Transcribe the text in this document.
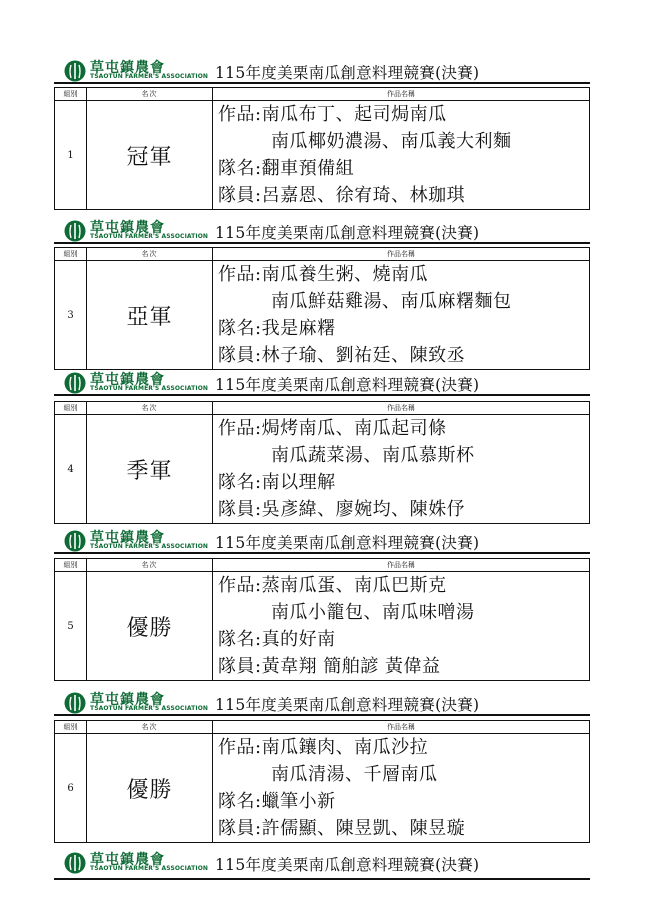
草屯鎮農會
TSAOTUN FARMER'S ASSOCIATION 115年度美栗南瓜創意料理競賽(決賽)
組別	名次	作品名稱
1	冠軍	作品:南瓜布丁、起司焗南瓜
南瓜椰奶濃湯、南瓜義大利麵
隊名:翻車預備組
隊員:呂嘉恩、徐宥琦、林珈琪
草屯鎮農會
TSAOTUN FARMER'S ASSOCIATION 115年度美栗南瓜創意料理競賽(決賽)
組別	名次	作品名稱
3	亞軍	作品:南瓜養生粥、燒南瓜
南瓜鮮菇雞湯、南瓜麻糬麵包
隊名:我是麻糬
隊員:林子瑜、劉祐廷、陳致丞
草屯鎮農會
TSAOTUN FARMER'S ASSOCIATION 115年度美栗南瓜創意料理競賽(決賽)
組別	名次	作品名稱
4	季軍	作品:焗烤南瓜、南瓜起司條
南瓜蔬菜湯、南瓜慕斯杯
隊名:南以理解
隊員:吳彥緯、廖婉均、陳姝伃
草屯鎮農會
TSAOTUN FARMER'S ASSOCIATION 115年度美栗南瓜創意料理競賽(決賽)
組別	名次	作品名稱
5	優勝	作品:蒸南瓜蛋、南瓜巴斯克
南瓜小籠包、南瓜味噌湯
隊名:真的好南
隊員:黃韋翔 簡舶諺 黃偉益
草屯鎮農會
TSAOTUN FARMER'S ASSOCIATION 115年度美栗南瓜創意料理競賽(決賽)
組別	名次	作品名稱
6	優勝	作品:南瓜鑲肉、南瓜沙拉
南瓜清湯、千層南瓜
隊名:蠟筆小新
隊員:許儒顯、陳昱凱、陳昱璇
草屯鎮農會
TSAOTUN FARMER'S ASSOCIATION 115年度美栗南瓜創意料理競賽(決賽)
